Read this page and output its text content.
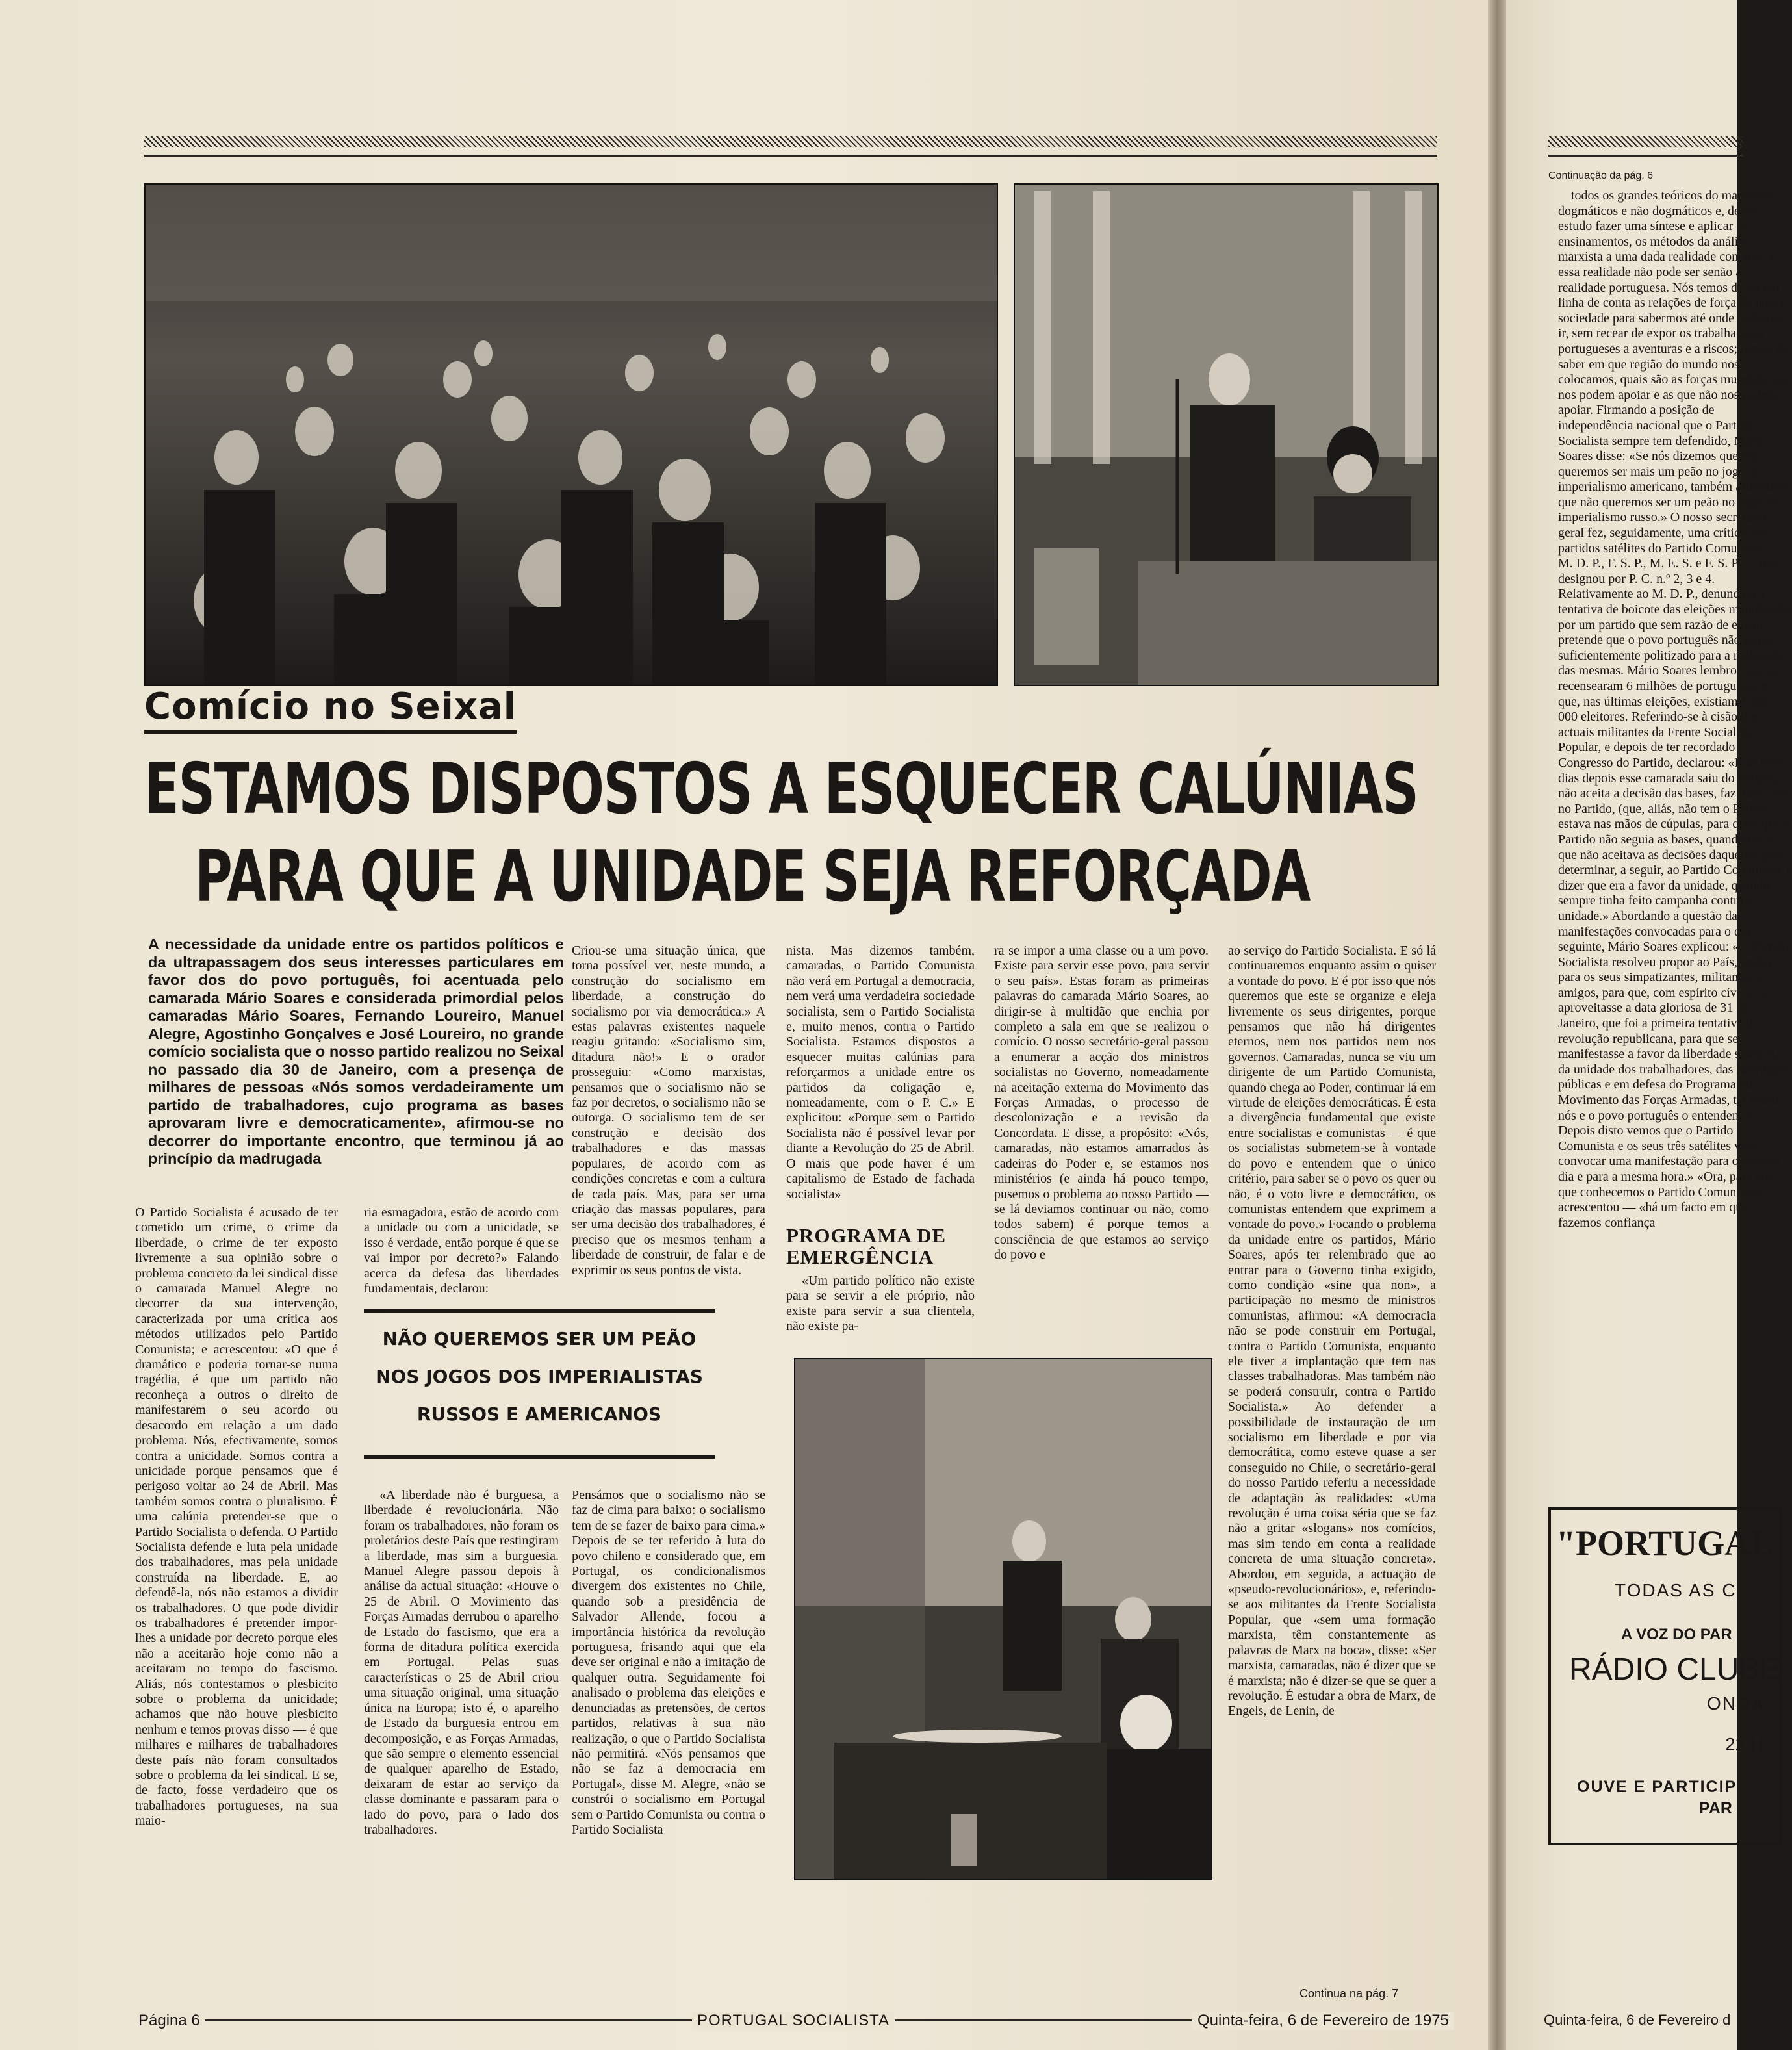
Comício no Seixal
ESTAMOS DISPOSTOS A ESQUECER CALÚNIAS
PARA QUE A UNIDADE SEJA REFORÇADA
A necessidade da unidade entre os partidos políticos e da ultrapassagem dos seus interesses particulares em favor dos do povo português, foi acentuada pelo camarada Mário Soares e considerada primordial pelos camaradas Mário Soares, Fernando Loureiro, Manuel Alegre, Agostinho Gonçalves e José Loureiro, no grande comício socialista que o nosso partido realizou no Seixal no passado dia 30 de Janeiro, com a presença de milhares de pessoas «Nós somos verdadeiramente um partido de trabalhadores, cujo programa as bases aprovaram livre e democraticamente», afirmou-se no decorrer do importante encontro, que terminou já ao princípio da madrugada

O Partido Socialista é acusado de ter cometido um crime, o crime da liberdade, o crime de ter exposto livremente a sua opinião sobre o problema concreto da lei sindical disse o camarada Manuel Alegre no decorrer da sua intervenção, caracterizada por uma crítica aos métodos utilizados pelo Partido Comunista; e acrescentou: «O que é dramático e poderia tornar-se numa tragédia, é que um partido não reconheça a outros o direito de manifestarem o seu acordo ou desacordo em relação a um dado problema. Nós, efectivamente, somos contra a unicidade. Somos contra a unicidade porque pensamos que é perigoso voltar ao 24 de Abril. Mas também somos contra o pluralismo. É uma calúnia pretender-se que o Partido Socialista o defenda. O Partido Socialista defende e luta pela unidade dos trabalhadores, mas pela unidade construída na liberdade. E, ao defendê-la, nós não estamos a dividir os trabalhadores. O que pode dividir os trabalhadores é pretender impor-lhes a unidade por decreto porque eles não a aceitarão hoje como não a aceitaram no tempo do fascismo. Aliás, nós contestamos o plesbicito sobre o problema da unicidade; achamos que não houve plesbicito nenhum e temos provas disso — é que milhares e milhares de trabalhadores deste país não foram consultados sobre o problema da lei sindical. E se, de facto, fosse verdadeiro que os trabalhadores portugueses, na sua maio-

ria esmagadora, estão de acordo com a unidade ou com a unicidade, se isso é verdade, então porque é que se vai impor por decreto?» Falando acerca da defesa das liberdades fundamentais, declarou:

NÃO QUEREMOS SER UM PEÃO
NOS JOGOS DOS IMPERIALISTAS
RUSSOS E AMERICANOS

«A liberdade não é burguesa, a liberdade é revolucionária. Não foram os trabalhadores, não foram os proletários deste País que restingiram a liberdade, mas sim a burguesia. Manuel Alegre passou depois à análise da actual situação: «Houve o 25 de Abril. O Movimento das Forças Armadas derrubou o aparelho de Estado do fascismo, que era a forma de ditadura política exercida em Portugal. Pelas suas características o 25 de Abril criou uma situação original, uma situação única na Europa; isto é, o aparelho de Estado da burguesia entrou em decomposição, e as Forças Armadas, que são sempre o elemento essencial de qualquer aparelho de Estado, deixaram de estar ao serviço da classe dominante e passaram para o lado do povo, para o lado dos trabalhadores.

Criou-se uma situação única, que torna possível ver, neste mundo, a construção do socialismo em liberdade, a construção do socialismo por via democrática.» A estas palavras existentes naquele reagiu gritando: «Socialismo sim, ditadura não!» E o orador prosseguiu: «Como marxistas, pensamos que o socialismo não se faz por decretos, o socialismo não se outorga. O socialismo tem de ser construção e decisão dos trabalhadores e das massas populares, de acordo com as condições concretas e com a cultura de cada país. Mas, para ser uma criação das massas populares, para ser uma decisão dos trabalhadores, é preciso que os mesmos tenham a liberdade de construir, de falar e de exprimir os seus pontos de vista.

Pensámos que o socialismo não se faz de cima para baixo: o socialismo tem de se fazer de baixo para cima.» Depois de se ter referido à luta do povo chileno e considerado que, em Portugal, os condicionalismos divergem dos existentes no Chile, quando sob a presidência de Salvador Allende, focou a importância histórica da revolução portuguesa, frisando aqui que ela deve ser original e não a imitação de qualquer outra. Seguidamente foi analisado o problema das eleições e denunciadas as pretensões, de certos partidos, relativas à sua não realização, o que o Partido Socialista não permitirá. «Nós pensamos que não se faz a democracia em Portugal», disse M. Alegre, «não se constrói o socialismo em Portugal sem o Partido Comunista ou contra o Partido Socialista

nista. Mas dizemos também, camaradas, o Partido Comunista não verá em Portugal a democracia, nem verá uma verdadeira sociedade socialista, sem o Partido Socialista e, muito menos, contra o Partido Socialista. Estamos dispostos a esquecer muitas calúnias para reforçarmos a unidade entre os partidos da coligação e, nomeadamente, com o P. C.» E explicitou: «Porque sem o Partido Socialista não é possível levar por diante a Revolução do 25 de Abril. O mais que pode haver é um capitalismo de Estado de fachada socialista»

PROGRAMA DE EMERGÊNCIA

«Um partido político não existe para se servir a ele próprio, não existe para servir a sua clientela, não existe pa-

ra se impor a uma classe ou a um povo. Existe para servir esse povo, para servir o seu país». Estas foram as primeiras palavras do camarada Mário Soares, ao dirigir-se à multidão que enchia por completo a sala em que se realizou o comício. O nosso secretário-geral passou a enumerar a acção dos ministros socialistas no Governo, nomeadamente na aceitação externa do Movimento das Forças Armadas, o processo de descolonização e a revisão da Concordata. E disse, a propósito: «Nós, camaradas, não estamos amarrados às cadeiras do Poder e, se estamos nos ministérios (e ainda há pouco tempo, pusemos o problema ao nosso Partido — se lá deviamos continuar ou não, como todos sabem) é porque temos a consciência de que estamos ao serviço do povo e

ao serviço do Partido Socialista. E só lá continuaremos enquanto assim o quiser a vontade do povo. E é por isso que nós queremos que este se organize e eleja livremente os seus dirigentes, porque pensamos que não há dirigentes eternos, nem nos partidos nem nos governos. Camaradas, nunca se viu um dirigente de um Partido Comunista, quando chega ao Poder, continuar lá em virtude de eleições democráticas. É esta a divergência fundamental que existe entre socialistas e comunistas — é que os socialistas submetem-se à vontade do povo e entendem que o único critério, para saber se o povo os quer ou não, é o voto livre e democrático, os comunistas entendem que exprimem a vontade do povo.» Focando o problema da unidade entre os partidos, Mário Soares, após ter relembrado que ao entrar para o Governo tinha exigido, como condição «sine qua non», a participação no mesmo de ministros comunistas, afirmou: «A democracia não se pode construir em Portugal, contra o Partido Comunista, enquanto ele tiver a implantação que tem nas classes trabalhadoras. Mas também não se poderá construir, contra o Partido Socialista.» Ao defender a possibilidade de instauração de um socialismo em liberdade e por via democrática, como esteve quase a ser conseguido no Chile, o secretário-geral do nosso Partido referiu a necessidade de adaptação às realidades: «Uma revolução é uma coisa séria que se faz não a gritar «slogans» nos comícios, mas sim tendo em conta a realidade concreta de uma situação concreta». Abordou, em seguida, a actuação de «pseudo-revolucionários», e, referindo-se aos militantes da Frente Socialista Popular, que «sem uma formação marxista, têm constantemente as palavras de Marx na boca», disse: «Ser marxista, camaradas, não é dizer que se é marxista; não é dizer-se que se quer a revolução. É estudar a obra de Marx, de Engels, de Lenin, de

Continua na pág. 7
Página 6	PORTUGAL SOCIALISTA	Quinta-feira, 6 de Fevereiro de 1975
Continuação da pág. 6

todos os grandes teóricos do marxismo, dogmáticos e não dogmáticos e, desse estudo fazer uma síntese e aplicar os ensinamentos, os métodos da análise marxista a uma dada realidade concreta, e essa realidade não pode ser senão a realidade portuguesa. Nós temos de ter em linha de conta as relações de força da nossa sociedade para sabermos até onde podemos ir, sem recear de expor os trabalhadores portugueses a aventuras e a riscos; temos de saber em que região do mundo nos colocamos, quais são as forças mundiais que nos podem apoiar e as que não nos podem apoiar. Firmando a posição de independência nacional que o Partido Socialista sempre tem defendido, Mário Soares disse: «Se nós dizemos que não queremos ser mais um peão no jogo do imperialismo americano, também afirmamos que não queremos ser um peão no jogo do imperialismo russo.» O nosso secretário-geral fez, seguidamente, uma crítica aos partidos satélites do Partido Comunista — M. D. P., F. S. P., M. E. S. e F. S. P. — que designou por P. C. n.º 2, 3 e 4. Relativamente ao M. D. P., denunciou a tentativa de boicote das eleições manobradas por um partido que sem razão de existir, pretende que o povo português não esteja suficientemente politizado para a realização das mesmas. Mário Soares lembrou que se recensearam 6 milhões de portugueses e que, nas últimas eleições, existiam 1 800 000 eleitores. Referindo-se à cisão dos actuais militantes da Frente Socialista Popular, e depois de ter recordado o Congresso do Partido, declarou: «Pois bem, dias depois esse camarada saiu do Partido, não aceita a decisão das bases, faz uma cisão no Partido, (que, aliás, não tem o Partido estava nas mãos de cúpulas, para dizer que o Partido não seguia as bases, quando ele é que não aceitava as decisões daquelas; para determinar, a seguir, ao Partido Comunista, e dizer que era a favor da unidade, quando sempre tinha feito campanha contra a unidade.» Abordando a questão das manifestações convocadas para o dia seguinte, Mário Soares explicou: «O Partido Socialista resolveu propor ao País, apelar para os seus simpatizantes, militantes e amigos, para que, com espírito cívico, se aproveitasse a data gloriosa de 31 de Janeiro, que foi a primeira tentativa de revolução republicana, para que se manifestasse a favor da liberdade sindical, da unidade dos trabalhadores, das liberdades públicas e em defesa do Programa do Movimento das Forças Armadas, tal como nós e o povo português o entendemos. Depois disto vemos que o Partido Comunista e os seus três satélites vêm convocar uma manifestação para o mesmo dia e para a mesma hora.» «Ora, para nós que conhecemos o Partido Comunista» — acrescentou — «há um facto em que fazemos confiança

"PORTUGAL
TODAS AS C
A VOZ DO PAR
RÁDIO CLUBE
ONDA
22 H
OUVE E PARTICIP
PAR
Quinta-feira, 6 de Fevereiro d
